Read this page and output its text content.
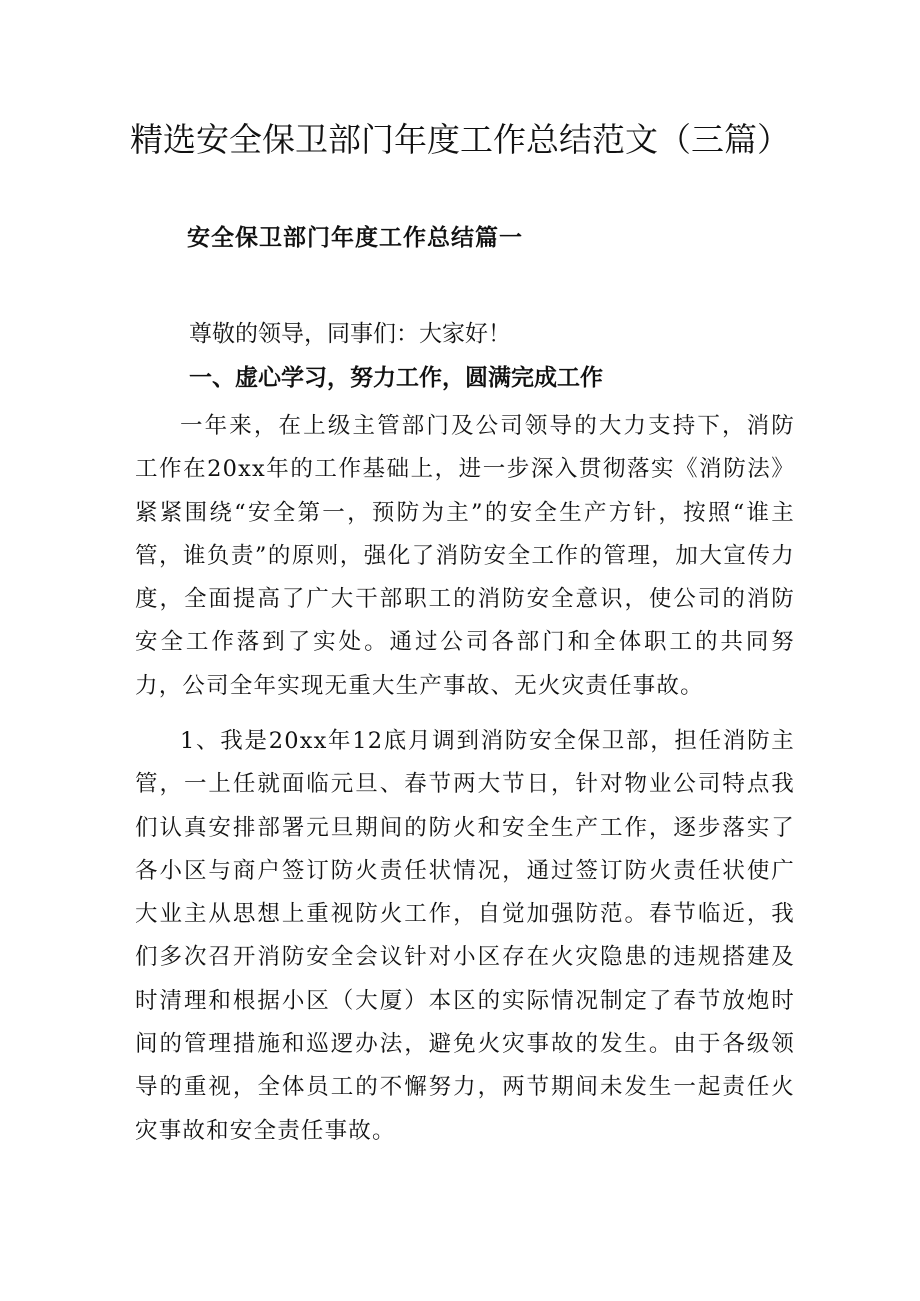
精选安全保卫部门年度工作总结范文（三篇）
安全保卫部门年度工作总结篇一

尊敬的领导，同事们：大家好！

一、虚心学习，努力工作，圆满完成工作

一年来，在上级主管部门及公司领导的大力支持下，消防工作在20xx年的工作基础上，进一步深入贯彻落实《消防法》紧紧围绕“安全第一，预防为主”的安全生产方针，按照“谁主管，谁负责”的原则，强化了消防安全工作的管理，加大宣传力度，全面提高了广大干部职工的消防安全意识，使公司的消防安全工作落到了实处。通过公司各部门和全体职工的共同努力，公司全年实现无重大生产事故、无火灾责任事故。

1、我是20xx年12底月调到消防安全保卫部，担任消防主管，一上任就面临元旦、春节两大节日，针对物业公司特点我们认真安排部署元旦期间的防火和安全生产工作，逐步落实了各小区与商户签订防火责任状情况，通过签订防火责任状使广大业主从思想上重视防火工作，自觉加强防范。春节临近，我们多次召开消防安全会议针对小区存在火灾隐患的违规搭建及时清理和根据小区（大厦）本区的实际情况制定了春节放炮时间的管理措施和巡逻办法，避免火灾事故的发生。由于各级领导的重视，全体员工的不懈努力，两节期间未发生一起责任火灾事故和安全责任事故。
